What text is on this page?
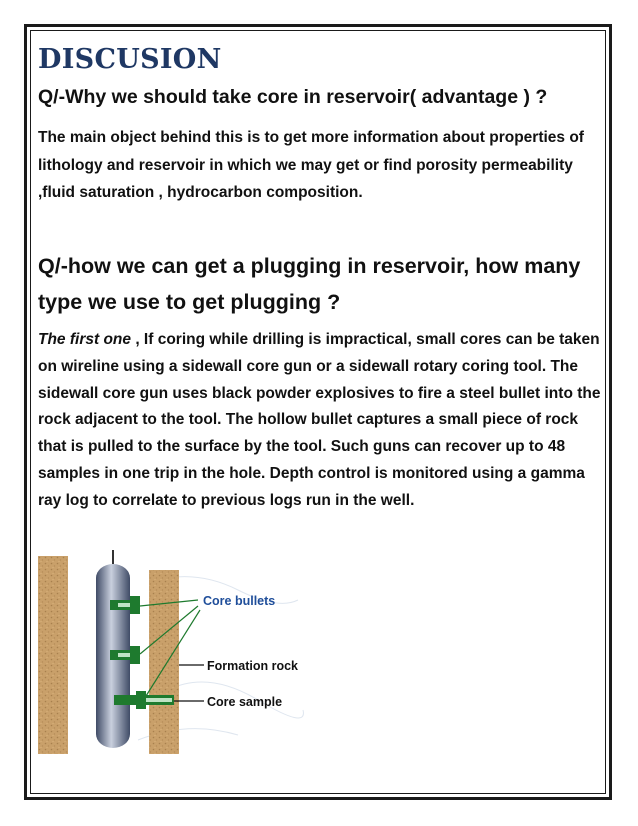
DISCUSION
Q/-Why we should take core in reservoir( advantage ) ?

The main object behind this is to get more information about properties of lithology and reservoir in which we may get or find porosity permeability ,fluid saturation , hydrocarbon composition.

Q/-how we can get a plugging in reservoir, how many type we use to get plugging ?

The first one , If coring while drilling is impractical, small cores can be taken on wireline using a sidewall core gun or a sidewall rotary coring tool. The sidewall core gun uses black powder explosives to fire a steel bullet into the rock adjacent to the tool. The hollow bullet captures a small piece of rock that is pulled to the surface by the tool. Such guns can recover up to 48 samples in one trip in the hole. Depth control is monitored using a gamma ray log to correlate to previous logs run in the well.

Core bullets
Formation rock
Core sample
